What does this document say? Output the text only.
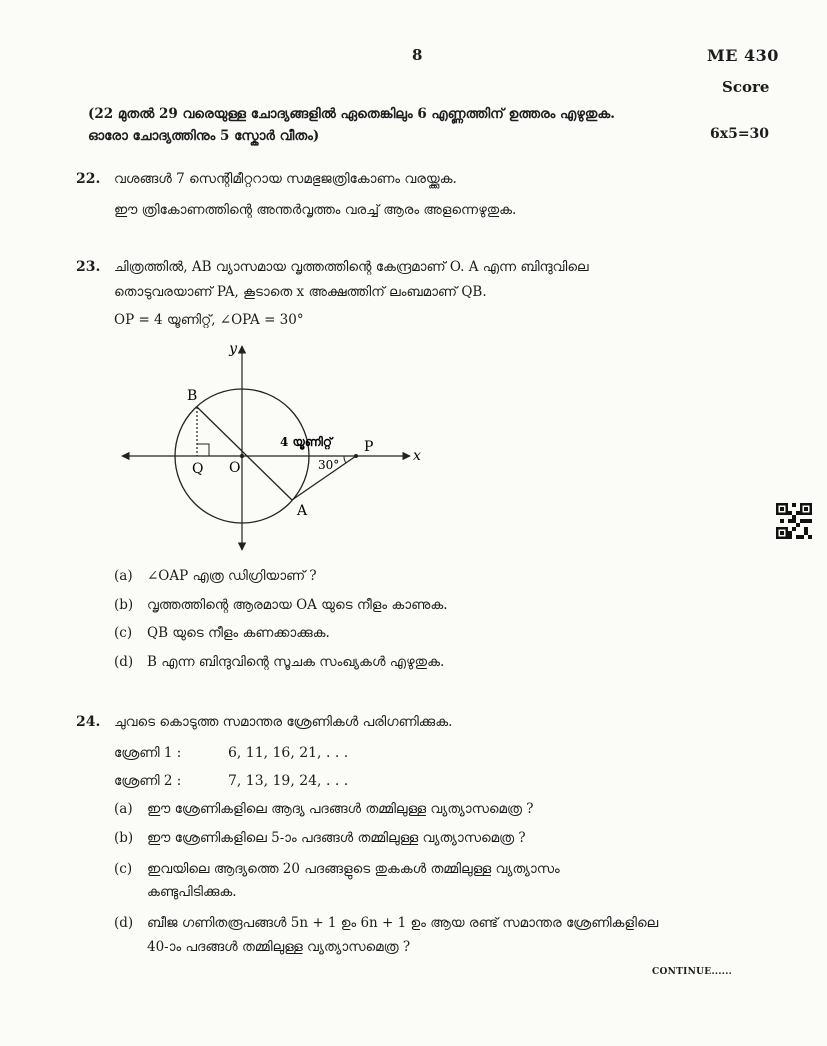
8	ME 430
Score
(22 മുതൽ 29 വരെയുള്ള ചോദ്യങ്ങളിൽ ഏതെങ്കിലും 6 എണ്ണത്തിന് ഉത്തരം എഴുതുക.
ഓരോ ചോദ്യത്തിനും 5 സ്കോർ വീതം)	6x5=30
22. വശങ്ങൾ 7 സെന്റിമീറ്ററായ സമഭുജത്രികോണം വരയ്ക്കുക.
ഈ ത്രികോണത്തിന്റെ അന്തർവൃത്തം വരച്ച് ആരം അളന്നെഴുതുക.
23. ചിത്രത്തിൽ, AB വ്യാസമായ വൃത്തത്തിന്റെ കേന്ദ്രമാണ് O. A എന്ന ബിന്ദുവിലെ
തൊടുവരയാണ് PA, കൂടാതെ x അക്ഷത്തിന് ലംബമാണ് QB.
OP = 4 യൂണിറ്റ്, ∠OPA = 30°
y
x
B
Q O
P
A
4 യൂണിറ്റ്
30°
(a) ∠OAP എത്ര ഡിഗ്രിയാണ് ?
(b) വൃത്തത്തിന്റെ ആരമായ OA യുടെ നീളം കാണുക.
(c) QB യുടെ നീളം കണക്കാക്കുക.
(d) B എന്ന ബിന്ദുവിന്റെ സൂചക സംഖ്യകൾ എഴുതുക.
24. ചുവടെ കൊടുത്ത സമാന്തര ശ്രേണികൾ പരിഗണിക്കുക.
ശ്രേണി 1 :	6, 11, 16, 21, . . .
ശ്രേണി 2 :	7, 13, 19, 24, . . .
(a) ഈ ശ്രേണികളിലെ ആദ്യ പദങ്ങൾ തമ്മിലുള്ള വ്യത്യാസമെത്ര ?
(b) ഈ ശ്രേണികളിലെ 5-ാം പദങ്ങൾ തമ്മിലുള്ള വ്യത്യാസമെത്ര ?
(c) ഇവയിലെ ആദ്യത്തെ 20 പദങ്ങളുടെ തുകകൾ തമ്മിലുള്ള വ്യത്യാസം
കണ്ടുപിടിക്കുക.
(d) ബീജ ഗണിതരൂപങ്ങൾ 5n + 1 ഉം 6n + 1 ഉം ആയ രണ്ട് സമാന്തര ശ്രേണികളിലെ
40-ാം പദങ്ങൾ തമ്മിലുള്ള വ്യത്യാസമെത്ര ?
CONTINUE......
